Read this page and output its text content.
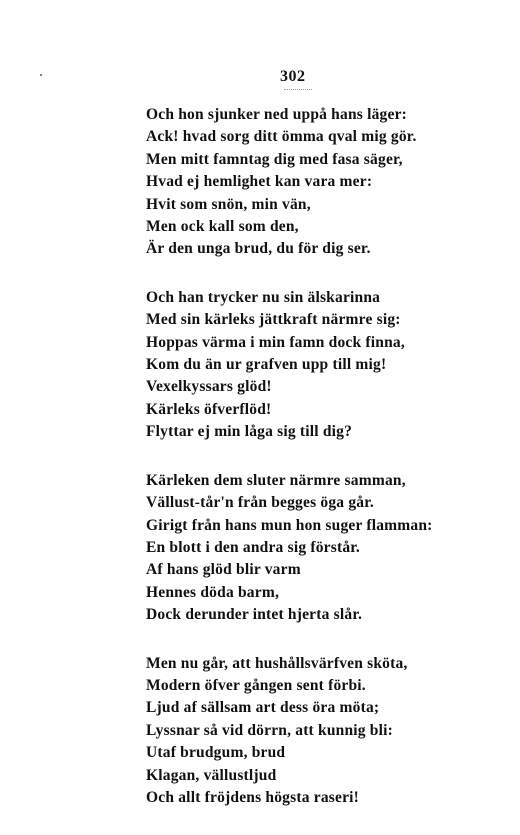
302
Och hon sjunker ned uppå hans läger:
Ack! hvad sorg ditt ömma qval mig gör.
Men mitt famntag dig med fasa säger,
Hvad ej hemlighet kan vara mer:
Hvit som snön, min vän,
Men ock kall som den,
Är den unga brud, du för dig ser.
Och han trycker nu sin älskarinna
Med sin kärleks jättkraft närmre sig:
Hoppas värma i min famn dock finna,
Kom du än ur grafven upp till mig!
Vexelkyssars glöd!
Kärleks öfverflöd!
Flyttar ej min låga sig till dig?
Kärleken dem sluter närmre samman,
Vällust-tår'n från begges öga går.
Girigt från hans mun hon suger flamman:
En blott i den andra sig förstår.
Af hans glöd blir varm
Hennes döda barm,
Dock derunder intet hjerta slår.
Men nu går, att hushållsvärfven sköta,
Modern öfver gången sent förbi.
Ljud af sällsam art dess öra möta;
Lyssnar så vid dörrn, att kunnig bli:
Utaf brudgum, brud
Klagan, vällustljud
Och allt fröjdens högsta raseri!
